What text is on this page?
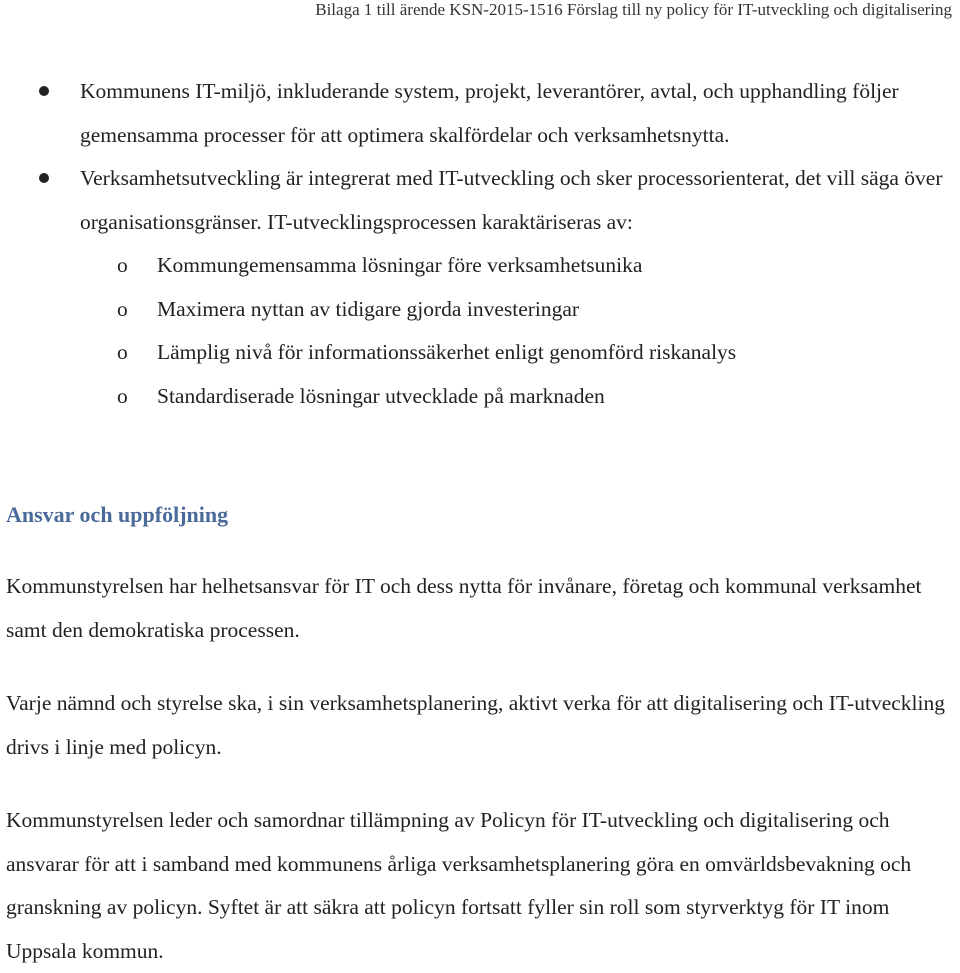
Bilaga 1 till ärende KSN-2015-1516 Förslag till ny policy för IT-utveckling och digitalisering
Kommunens IT-miljö, inkluderande system, projekt, leverantörer, avtal, och upphandling följer gemensamma processer för att optimera skalfördelar och verksamhetsnytta.
Verksamhetsutveckling är integrerat med IT-utveckling och sker processorienterat, det vill säga över organisationsgränser. IT-utvecklingsprocessen karaktäriseras av:
o Kommungemensamma lösningar före verksamhetsunika
o Maximera nyttan av tidigare gjorda investeringar
o Lämplig nivå för informationssäkerhet enligt genomförd riskanalys
o Standardiserade lösningar utvecklade på marknaden
Ansvar och uppföljning
Kommunstyrelsen har helhetsansvar för IT och dess nytta för invånare, företag och kommunal verksamhet samt den demokratiska processen.
Varje nämnd och styrelse ska, i sin verksamhetsplanering, aktivt verka för att digitalisering och IT-utveckling drivs i linje med policyn.
Kommunstyrelsen leder och samordnar tillämpning av Policyn för IT-utveckling och digitalisering och ansvarar för att i samband med kommunens årliga verksamhetsplanering göra en omvärldsbevakning och granskning av policyn. Syftet är att säkra att policyn fortsatt fyller sin roll som styrverktyg för IT inom Uppsala kommun.
